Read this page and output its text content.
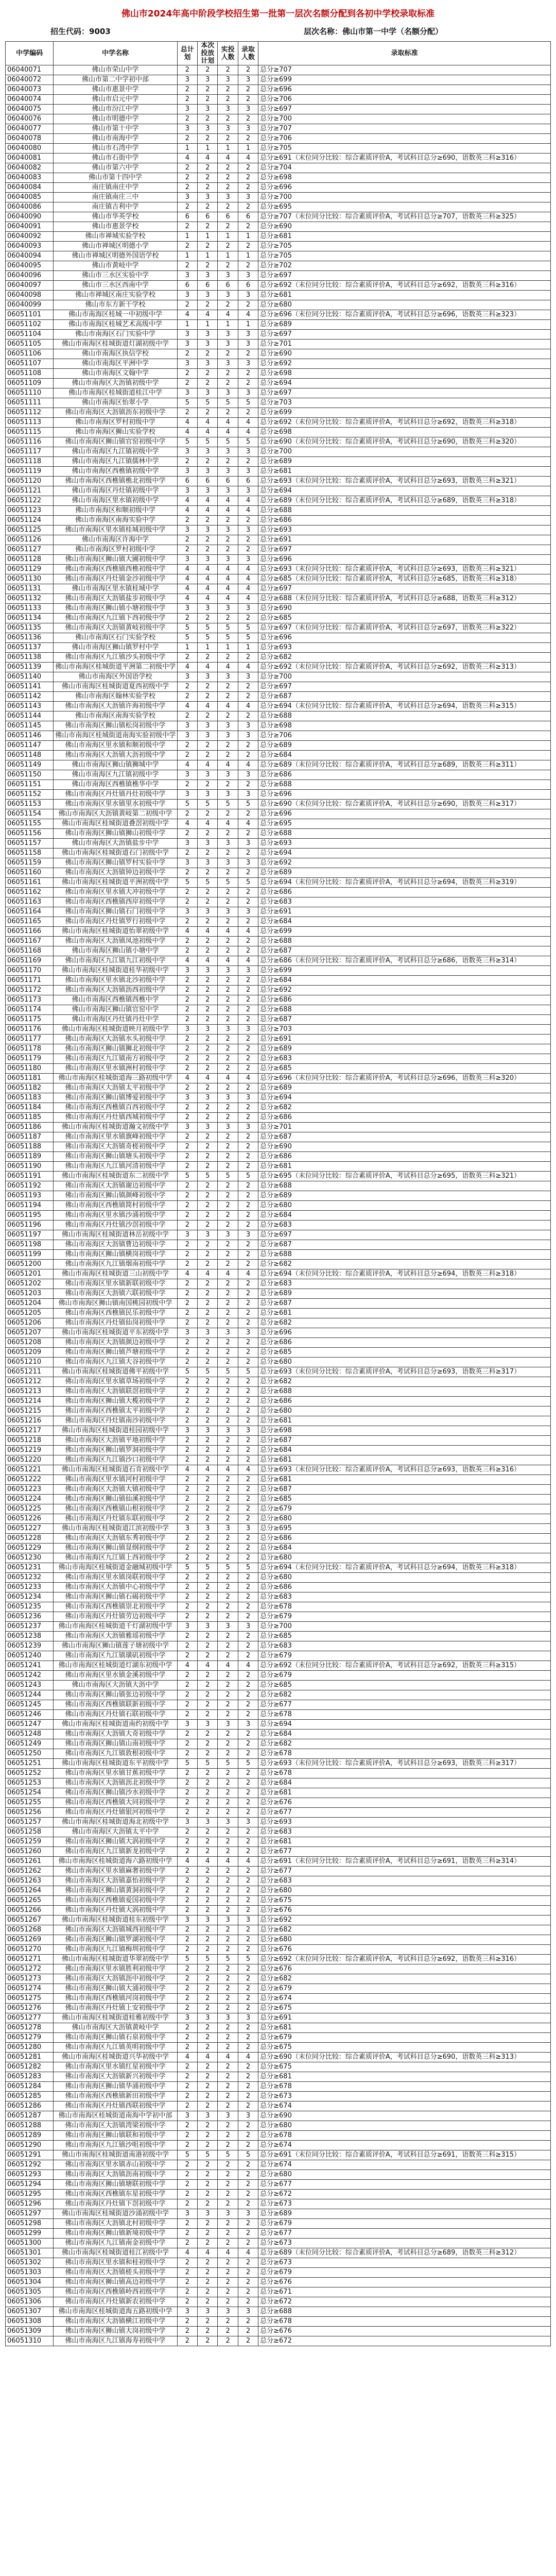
佛山市2024年高中阶段学校招生第一批第一层次名额分配到各初中学校录取标准
招生代码：9003	层次名称：佛山市第一中学（名额分配）
中学编码	中学名称	总计划	本次投放计划	实投人数	录取人数	录取标准
06040071	佛山市荣山中学	2	2	2	2	总分≥707
06040072	佛山市第二中学初中部	3	3	3	3	总分≥699
06040073	佛山市惠景中学	2	2	2	2	总分≥696
06040074	佛山市启元中学	2	2	2	2	总分≥706
06040075	佛山市汾江中学	3	3	3	3	总分≥697
06040076	佛山市明德中学	2	2	2	2	总分≥700
06040077	佛山市第十中学	3	3	3	3	总分≥707
06040078	佛山市南海中学	2	2	2	2	总分≥706
06040080	佛山市石湾中学	1	1	1	1	总分≥705
06040081	佛山市石街中学	4	4	4	4	总分≥691（末位同分比较：综合素质评价A，考试科目总分≥690，语数英三科≥316）
06040082	佛山市第六中学	2	2	2	2	总分≥704
06040083	佛山市第十四中学	2	2	2	2	总分≥698
06040084	南庄镇南庄中学	2	2	2	2	总分≥696
06040085	南庄镇南庄三中	3	3	3	3	总分≥700
06040086	南庄镇吉利中学	2	2	2	2	总分≥695
06040090	佛山市华英学校	6	6	6	6	总分≥707（末位同分比较：综合素质评价A，考试科目总分≥707，语数英三科≥325）
06040091	佛山市惠景学校	2	2	2	2	总分≥690
06040092	佛山市禅城实验学校	1	1	1	1	总分≥681
06040093	佛山市禅城区明德小学	2	2	2	2	总分≥705
06040094	佛山市禅城区明德外国语学校	1	1	1	1	总分≥705
06040095	佛山市黄岐中学	2	2	2	2	总分≥702
06040096	佛山市三水区实验中学	3	3	3	3	总分≥697
06040097	佛山市三水区西南中学	6	6	6	6	总分≥692（末位同分比较：综合素质评价A，考试科目总分≥692，语数英三科≥316）
06040098	佛山市禅城区南庄实验学校	3	3	3	3	总分≥681
06040099	佛山市东方新干学校	2	2	2	2	总分≥680
06051101	佛山市南海区桂城一中初级中学	4	4	4	4	总分≥696（末位同分比较：综合素质评价A，考试科目总分≥696，语数英三科≥323）
06051102	佛山市南海区桂城艺术高级中学	1	1	1	1	总分≥689
06051104	佛山市南海区石门实验中学	3	3	3	3	总分≥697
06051105	佛山市南海区桂城街道灯湖初级中学	3	3	3	3	总分≥701
06051106	佛山市南海区执信学校	2	2	2	2	总分≥690
06051107	佛山市南海区平洲中学	3	3	3	3	总分≥692
06051108	佛山市南海区文翰中学	2	2	2	2	总分≥698
06051109	佛山市南海区大沥镇初级中学	2	2	2	2	总分≥694
06051110	佛山市南海区桂城街道桂江中学	3	3	3	3	总分≥697
06051111	佛山市南海区怡翠小学	5	5	5	5	总分≥703
06051112	佛山市南海区大沥镇沥东初级中学	2	2	2	2	总分≥699
06051113	佛山市南海区罗村初级中学	4	4	4	4	总分≥692（末位同分比较：综合素质评价A，考试科目总分≥692，语数英三科≥318）
06051115	佛山市南海区狮山实验学校	4	4	4	4	总分≥698
06051116	佛山市南海区狮山镇官窑初级中学	5	5	5	5	总分≥690（末位同分比较：综合素质评价A，考试科目总分≥690，语数英三科≥320）
06051117	佛山市南海区九江镇初级中学	3	3	3	3	总分≥700
06051118	佛山市南海区九江镇儒林中学	2	2	2	2	总分≥689
06051119	佛山市南海区西樵镇初级中学	3	3	3	3	总分≥681
06051120	佛山市南海区西樵镇樵北初级中学	6	6	6	6	总分≥693（末位同分比较：综合素质评价A，考试科目总分≥693，语数英三科≥321）
06051121	佛山市南海区丹灶镇初级中学	3	3	3	3	总分≥694
06051122	佛山市南海区里水镇初级中学	4	4	4	4	总分≥689（末位同分比较：综合素质评价A，考试科目总分≥689，语数英三科≥318）
06051123	佛山市南海区和顺初级中学	4	4	4	4	总分≥688
06051124	佛山市南海区南海实验中学	2	2	2	2	总分≥686
06051125	佛山市南海区里水镇桂城初级中学	3	3	3	3	总分≥693
06051126	佛山市南海区许海中学	2	2	2	2	总分≥691
06051127	佛山市南海区罗村初级中学	2	2	2	2	总分≥697
06051128	佛山市南海区狮山镇大圃初级中学	3	3	3	3	总分≥696
06051129	佛山市南海区西樵镇西樵初级中学	4	4	4	4	总分≥693（末位同分比较：综合素质评价A，考试科目总分≥693，语数英三科≥321）
06051130	佛山市南海区丹灶镇金沙初级中学	4	4	4	4	总分≥685（末位同分比较：综合素质评价A，考试科目总分≥685，语数英三科≥318）
06051131	佛山市南海区里水镇桂城中学	4	4	4	4	总分≥697
06051132	佛山市南海区大沥镇盐步初级中学	4	4	4	4	总分≥688（末位同分比较：综合素质评价A，考试科目总分≥688，语数英三科≥312）
06051133	佛山市南海区狮山镇小塘初级中学	3	3	3	3	总分≥690
06051134	佛山市南海区九江镇下西初级中学	2	2	2	2	总分≥685
06051135	佛山市南海区大沥镇黄岐初级中学	5	5	5	5	总分≥697（末位同分比较：综合素质评价A，考试科目总分≥697，语数英三科≥322）
06051136	佛山市南海区石门实验学校	5	5	5	5	总分≥696
06051137	佛山市南海区狮山镇罗村中学	1	1	1	1	总分≥693
06051138	佛山市南海区九江镇沙头初级中学	2	2	2	2	总分≥682
06051139	佛山市南海区桂城街道平洲第二初级中学	4	4	4	4	总分≥692（末位同分比较：综合素质评价A，考试科目总分≥692，语数英三科≥313）
06051140	佛山市南海区外国语学校	3	3	3	3	总分≥700
06051141	佛山市南海区桂城街道夏西初级中学	2	2	2	2	总分≥697
06051142	佛山市南海区翰林实验学校	2	2	2	2	总分≥687
06051143	佛山市南海区大沥镇许海初级中学	4	4	4	4	总分≥694（末位同分比较：综合素质评价A，考试科目总分≥694，语数英三科≥315）
06051144	佛山市南海区南海实验学校	2	2	2	2	总分≥688
06051145	佛山市南海区狮山镇松岗初级中学	3	3	3	3	总分≥698
06051146	佛山市南海区桂城街道南海实验初级中学	3	3	3	3	总分≥706
06051147	佛山市南海区里水镇和顺初级中学	2	2	2	2	总分≥689
06051148	佛山市南海区大沥镇大沥初级中学	2	2	2	2	总分≥684
06051149	佛山市南海区狮山镇狮城中学	4	4	4	4	总分≥689（末位同分比较：综合素质评价A，考试科目总分≥689，语数英三科≥311）
06051150	佛山市南海区九江镇初级中学	3	3	3	3	总分≥686
06051151	佛山市南海区西樵镇樵华中学	2	2	2	2	总分≥688
06051152	佛山市南海区丹灶镇丹灶初级中学	3	3	3	3	总分≥696
06051153	佛山市南海区里水镇里水初级中学	5	5	5	5	总分≥690（末位同分比较：综合素质评价A，考试科目总分≥690，语数英三科≥317）
06051154	佛山市南海区大沥镇黄岐第二初级中学	2	2	2	2	总分≥696
06051155	佛山市南海区桂城街道叠滘初级中学	4	4	4	4	总分≥695
06051156	佛山市南海区狮山镇狮山初级中学	2	2	2	2	总分≥688
06051157	佛山市南海区大沥镇盐步中学	3	3	3	3	总分≥693
06051158	佛山市南海区桂城街道石门初级中学	2	2	2	2	总分≥694
06051159	佛山市南海区狮山镇罗村实验中学	3	3	3	3	总分≥692
06051160	佛山市南海区大沥镇钟边初级中学	2	2	2	2	总分≥689
06051161	佛山市南海区桂城街道平洲初级中学	5	5	5	5	总分≥694（末位同分比较：综合素质评价A，考试科目总分≥694，语数英三科≥319）
06051162	佛山市南海区里水镇大冲初级中学	2	2	2	2	总分≥686
06051163	佛山市南海区西樵镇西岸初级中学	2	2	2	2	总分≥683
06051164	佛山市南海区狮山镇石门初级中学	3	3	3	3	总分≥691
06051165	佛山市南海区丹灶镇罗行初级中学	2	2	2	2	总分≥684
06051166	佛山市南海区桂城街道怡翠初级中学	4	4	4	4	总分≥699
06051167	佛山市南海区大沥镇凤池初级中学	2	2	2	2	总分≥688
06051168	佛山市南海区狮山镇小塘中学	2	2	2	2	总分≥687
06051169	佛山市南海区九江镇九江初级中学	4	4	4	4	总分≥686（末位同分比较：综合素质评价A，考试科目总分≥686，语数英三科≥314）
06051170	佛山市南海区桂城街道桂华初级中学	3	3	3	3	总分≥699
06051171	佛山市南海区里水镇北沙初级中学	2	2	2	2	总分≥684
06051172	佛山市南海区大沥镇沥西初级中学	2	2	2	2	总分≥692
06051173	佛山市南海区西樵镇西樵中学	2	2	2	2	总分≥686
06051174	佛山市南海区狮山镇官窑中学	2	2	2	2	总分≥688
06051175	佛山市南海区丹灶镇丹灶中学	2	2	2	2	总分≥687
06051176	佛山市南海区桂城街道映月初级中学	3	3	3	3	总分≥703
06051177	佛山市南海区大沥镇水头初级中学	2	2	2	2	总分≥691
06051178	佛山市南海区狮山镇狮北初级中学	2	2	2	2	总分≥689
06051179	佛山市南海区九江镇南方初级中学	2	2	2	2	总分≥683
06051180	佛山市南海区里水镇洲村初级中学	2	2	2	2	总分≥685
06051181	佛山市南海区桂城街道海三路初级中学	4	4	4	4	总分≥696（末位同分比较：综合素质评价A，考试科目总分≥696，语数英三科≥320）
06051182	佛山市南海区大沥镇太平初级中学	2	2	2	2	总分≥689
06051183	佛山市南海区狮山镇博爱初级中学	3	3	3	3	总分≥694
06051184	佛山市南海区西樵镇百西初级中学	2	2	2	2	总分≥682
06051185	佛山市南海区丹灶镇西城初级中学	2	2	2	2	总分≥686
06051186	佛山市南海区桂城街道瀚文初级中学	3	3	3	3	总分≥701
06051187	佛山市南海区里水镇旗峰初级中学	2	2	2	2	总分≥687
06051188	佛山市南海区大沥镇奇槎初级中学	2	2	2	2	总分≥690
06051189	佛山市南海区狮山镇塘头初级中学	2	2	2	2	总分≥686
06051190	佛山市南海区九江镇河清初级中学	2	2	2	2	总分≥681
06051191	佛山市南海区桂城街道东二初级中学	5	5	5	5	总分≥695（末位同分比较：综合素质评价A，考试科目总分≥695，语数英三科≥321）
06051192	佛山市南海区大沥镇谢边初级中学	2	2	2	2	总分≥688
06051193	佛山市南海区狮山镇颜峰初级中学	2	2	2	2	总分≥689
06051194	佛山市南海区西樵镇简村初级中学	2	2	2	2	总分≥680
06051195	佛山市南海区里水镇沙涌初级中学	2	2	2	2	总分≥684
06051196	佛山市南海区丹灶镇沙滘初级中学	2	2	2	2	总分≥683
06051197	佛山市南海区桂城街道林岳初级中学	3	3	3	3	总分≥697
06051198	佛山市南海区大沥镇曹边初级中学	2	2	2	2	总分≥687
06051199	佛山市南海区狮山镇横岗初级中学	2	2	2	2	总分≥688
06051200	佛山市南海区九江镇烟南初级中学	2	2	2	2	总分≥682
06051201	佛山市南海区桂城街道三山初级中学	4	4	4	4	总分≥694（末位同分比较：综合素质评价A，考试科目总分≥694，语数英三科≥318）
06051202	佛山市南海区里水镇新联初级中学	2	2	2	2	总分≥683
06051203	佛山市南海区大沥镇六联初级中学	2	2	2	2	总分≥689
06051204	佛山市南海区狮山镇南国桃园初级中学	2	2	2	2	总分≥687
06051205	佛山市南海区西樵镇民乐初级中学	2	2	2	2	总分≥681
06051206	佛山市南海区丹灶镇仙岗初级中学	2	2	2	2	总分≥682
06051207	佛山市南海区桂城街道平东初级中学	3	3	3	3	总分≥696
06051208	佛山市南海区大沥镇颜边初级中学	2	2	2	2	总分≥686
06051209	佛山市南海区狮山镇芦塘初级中学	2	2	2	2	总分≥685
06051210	佛山市南海区九江镇大谷初级中学	2	2	2	2	总分≥680
06051211	佛山市南海区桂城街道佛平初级中学	5	5	5	5	总分≥693（末位同分比较：综合素质评价A，考试科目总分≥693，语数英三科≥317）
06051212	佛山市南海区里水镇草场初级中学	2	2	2	2	总分≥682
06051213	佛山市南海区大沥镇联滘初级中学	2	2	2	2	总分≥688
06051214	佛山市南海区狮山镇大榄初级中学	2	2	2	2	总分≥686
06051215	佛山市南海区西樵镇太平初级中学	2	2	2	2	总分≥680
06051216	佛山市南海区丹灶镇南沙初级中学	2	2	2	2	总分≥681
06051217	佛山市南海区桂城街道桂园初级中学	3	3	3	3	总分≥698
06051218	佛山市南海区大沥镇平地初级中学	2	2	2	2	总分≥687
06051219	佛山市南海区狮山镇罗洞初级中学	2	2	2	2	总分≥684
06051220	佛山市南海区九江镇沙口初级中学	2	2	2	2	总分≥681
06051221	佛山市南海区桂城街道石肯初级中学	4	4	4	4	总分≥693（末位同分比较：综合素质评价A，考试科目总分≥693，语数英三科≥316）
06051222	佛山市南海区里水镇河村初级中学	2	2	2	2	总分≥681
06051223	佛山市南海区大沥镇大镇初级中学	2	2	2	2	总分≥687
06051224	佛山市南海区狮山镇仙溪初级中学	2	2	2	2	总分≥685
06051225	佛山市南海区西樵镇山根初级中学	2	2	2	2	总分≥679
06051226	佛山市南海区丹灶镇东联初级中学	2	2	2	2	总分≥680
06051227	佛山市南海区桂城街道江滨初级中学	3	3	3	3	总分≥695
06051228	佛山市南海区大沥镇东秀初级中学	2	2	2	2	总分≥686
06051229	佛山市南海区狮山镇显纲初级中学	2	2	2	2	总分≥684
06051230	佛山市南海区九江镇上西初级中学	2	2	2	2	总分≥680
06051231	佛山市南海区桂城街道金融城初级中学	5	5	5	5	总分≥694（末位同分比较：综合素质评价A，考试科目总分≥694，语数英三科≥318）
06051232	佛山市南海区里水镇岗联初级中学	2	2	2	2	总分≥680
06051233	佛山市南海区大沥镇中心初级中学	2	2	2	2	总分≥686
06051234	佛山市南海区狮山镇石碣初级中学	2	2	2	2	总分≥683
06051235	佛山市南海区西樵镇崇北初级中学	2	2	2	2	总分≥678
06051236	佛山市南海区丹灶镇劳边初级中学	2	2	2	2	总分≥679
06051237	佛山市南海区桂城街道千灯湖初级中学	3	3	3	3	总分≥700
06051238	佛山市南海区大沥镇雅瑶初级中学	2	2	2	2	总分≥685
06051239	佛山市南海区狮山镇莲子塘初级中学	2	2	2	2	总分≥683
06051240	佛山市南海区九江镇璜矶初级中学	2	2	2	2	总分≥679
06051241	佛山市南海区桂城街道灯湖东初级中学	4	4	4	4	总分≥692（末位同分比较：综合素质评价A，考试科目总分≥692，语数英三科≥315）
06051242	佛山市南海区里水镇金溪初级中学	2	2	2	2	总分≥679
06051243	佛山市南海区大沥镇大沥中学	2	2	2	2	总分≥685
06051244	佛山市南海区狮山镇张边初级中学	2	2	2	2	总分≥682
06051245	佛山市南海区西樵镇联新初级中学	2	2	2	2	总分≥677
06051246	佛山市南海区丹灶镇石联初级中学	2	2	2	2	总分≥678
06051247	佛山市南海区桂城街道南约初级中学	3	3	3	3	总分≥694
06051248	佛山市南海区大沥镇大奇初级中学	2	2	2	2	总分≥684
06051249	佛山市南海区狮山镇山南初级中学	2	2	2	2	总分≥682
06051250	佛山市南海区九江镇敦根初级中学	2	2	2	2	总分≥678
06051251	佛山市南海区桂城街道东平初级中学	5	5	5	5	总分≥693（末位同分比较：综合素质评价A，考试科目总分≥693，语数英三科≥317）
06051252	佛山市南海区里水镇甘蕉初级中学	2	2	2	2	总分≥678
06051253	佛山市南海区大沥镇沥北初级中学	2	2	2	2	总分≥684
06051254	佛山市南海区狮山镇沙水初级中学	2	2	2	2	总分≥681
06051255	佛山市南海区西樵镇大同初级中学	2	2	2	2	总分≥676
06051256	佛山市南海区丹灶镇银河初级中学	2	2	2	2	总分≥677
06051257	佛山市南海区桂城街道海北初级中学	3	3	3	3	总分≥693
06051258	佛山市南海区大沥镇太平中学	2	2	2	2	总分≥683
06051259	佛山市南海区狮山镇大涡初级中学	2	2	2	2	总分≥681
06051260	佛山市南海区九江镇新龙初级中学	2	2	2	2	总分≥677
06051261	佛山市南海区桂城街道海六路初级中学	4	4	4	4	总分≥691（末位同分比较：综合素质评价A，考试科目总分≥691，语数英三科≥314）
06051262	佛山市南海区里水镇麻奢初级中学	2	2	2	2	总分≥677
06051263	佛山市南海区大沥镇嘉怡初级中学	2	2	2	2	总分≥683
06051264	佛山市南海区狮山镇黄洞初级中学	2	2	2	2	总分≥680
06051265	佛山市南海区西樵镇爱国初级中学	2	2	2	2	总分≥675
06051266	佛山市南海区丹灶镇大涡初级中学	2	2	2	2	总分≥676
06051267	佛山市南海区桂城街道桂东初级中学	3	3	3	3	总分≥692
06051268	佛山市南海区大沥镇城西初级中学	2	2	2	2	总分≥682
06051269	佛山市南海区狮山镇罗湖初级中学	2	2	2	2	总分≥680
06051270	佛山市南海区九江镇梅圳初级中学	2	2	2	2	总分≥676
06051271	佛山市南海区桂城街道华翠初级中学	5	5	5	5	总分≥692（末位同分比较：综合素质评价A，考试科目总分≥692，语数英三科≥316）
06051272	佛山市南海区里水镇胜利初级中学	2	2	2	2	总分≥676
06051273	佛山市南海区大沥镇沥中初级中学	2	2	2	2	总分≥682
06051274	佛山市南海区狮山镇大涌初级中学	2	2	2	2	总分≥679
06051275	佛山市南海区西樵镇河岗初级中学	2	2	2	2	总分≥674
06051276	佛山市南海区丹灶镇上安初级中学	2	2	2	2	总分≥675
06051277	佛山市南海区桂城街道桂雅初级中学	3	3	3	3	总分≥691
06051278	佛山市南海区大沥镇黄岐中学	2	2	2	2	总分≥681
06051279	佛山市南海区狮山镇石泉初级中学	2	2	2	2	总分≥679
06051280	佛山市南海区九江镇英明初级中学	2	2	2	2	总分≥675
06051281	佛山市南海区桂城街道兴华初级中学	4	4	4	4	总分≥690（末位同分比较：综合素质评价A，考试科目总分≥690，语数英三科≥313）
06051282	佛山市南海区里水镇红星初级中学	2	2	2	2	总分≥675
06051283	佛山市南海区大沥镇新兴初级中学	2	2	2	2	总分≥681
06051284	佛山市南海区狮山镇华涌初级中学	2	2	2	2	总分≥678
06051285	佛山市南海区西樵镇新田初级中学	2	2	2	2	总分≥673
06051286	佛山市南海区丹灶镇西联初级中学	2	2	2	2	总分≥674
06051287	佛山市南海区桂城街道南海中学初中部	3	3	3	3	总分≥690
06051288	佛山市南海区大沥镇湾梁初级中学	2	2	2	2	总分≥680
06051289	佛山市南海区狮山镇联和初级中学	2	2	2	2	总分≥678
06051290	佛山市南海区九江镇沙咀初级中学	2	2	2	2	总分≥674
06051291	佛山市南海区桂城街道南港初级中学	5	5	5	5	总分≥691（末位同分比较：综合素质评价A，考试科目总分≥691，语数英三科≥315）
06051292	佛山市南海区里水镇赤山初级中学	2	2	2	2	总分≥674
06051293	佛山市南海区大沥镇沥南初级中学	2	2	2	2	总分≥680
06051294	佛山市南海区狮山镇塘联初级中学	2	2	2	2	总分≥677
06051295	佛山市南海区西樵镇东星初级中学	2	2	2	2	总分≥672
06051296	佛山市南海区丹灶镇下滘初级中学	2	2	2	2	总分≥673
06051297	佛山市南海区桂城街道沙涌初级中学	3	3	3	3	总分≥689
06051298	佛山市南海区大沥镇北村初级中学	2	2	2	2	总分≥679
06051299	佛山市南海区狮山镇新境初级中学	2	2	2	2	总分≥677
06051300	佛山市南海区九江镇南金初级中学	2	2	2	2	总分≥673
06051301	佛山市南海区桂城街道桂江初级中学	4	4	4	4	总分≥689（末位同分比较：综合素质评价A，考试科目总分≥689，语数英三科≥312）
06051302	佛山市南海区里水镇和桂初级中学	2	2	2	2	总分≥673
06051303	佛山市南海区大沥镇槎头初级中学	2	2	2	2	总分≥679
06051304	佛山市南海区狮山镇高边初级中学	2	2	2	2	总分≥676
06051305	佛山市南海区西樵镇岭西初级中学	2	2	2	2	总分≥671
06051306	佛山市南海区丹灶镇新农初级中学	2	2	2	2	总分≥672
06051307	佛山市南海区桂城街道海五路初级中学	3	3	3	3	总分≥688
06051308	佛山市南海区大沥镇横江初级中学	2	2	2	2	总分≥678
06051309	佛山市南海区狮山镇大岗初级中学	2	2	2	2	总分≥676
06051310	佛山市南海区九江镇海寿初级中学	2	2	2	2	总分≥672
